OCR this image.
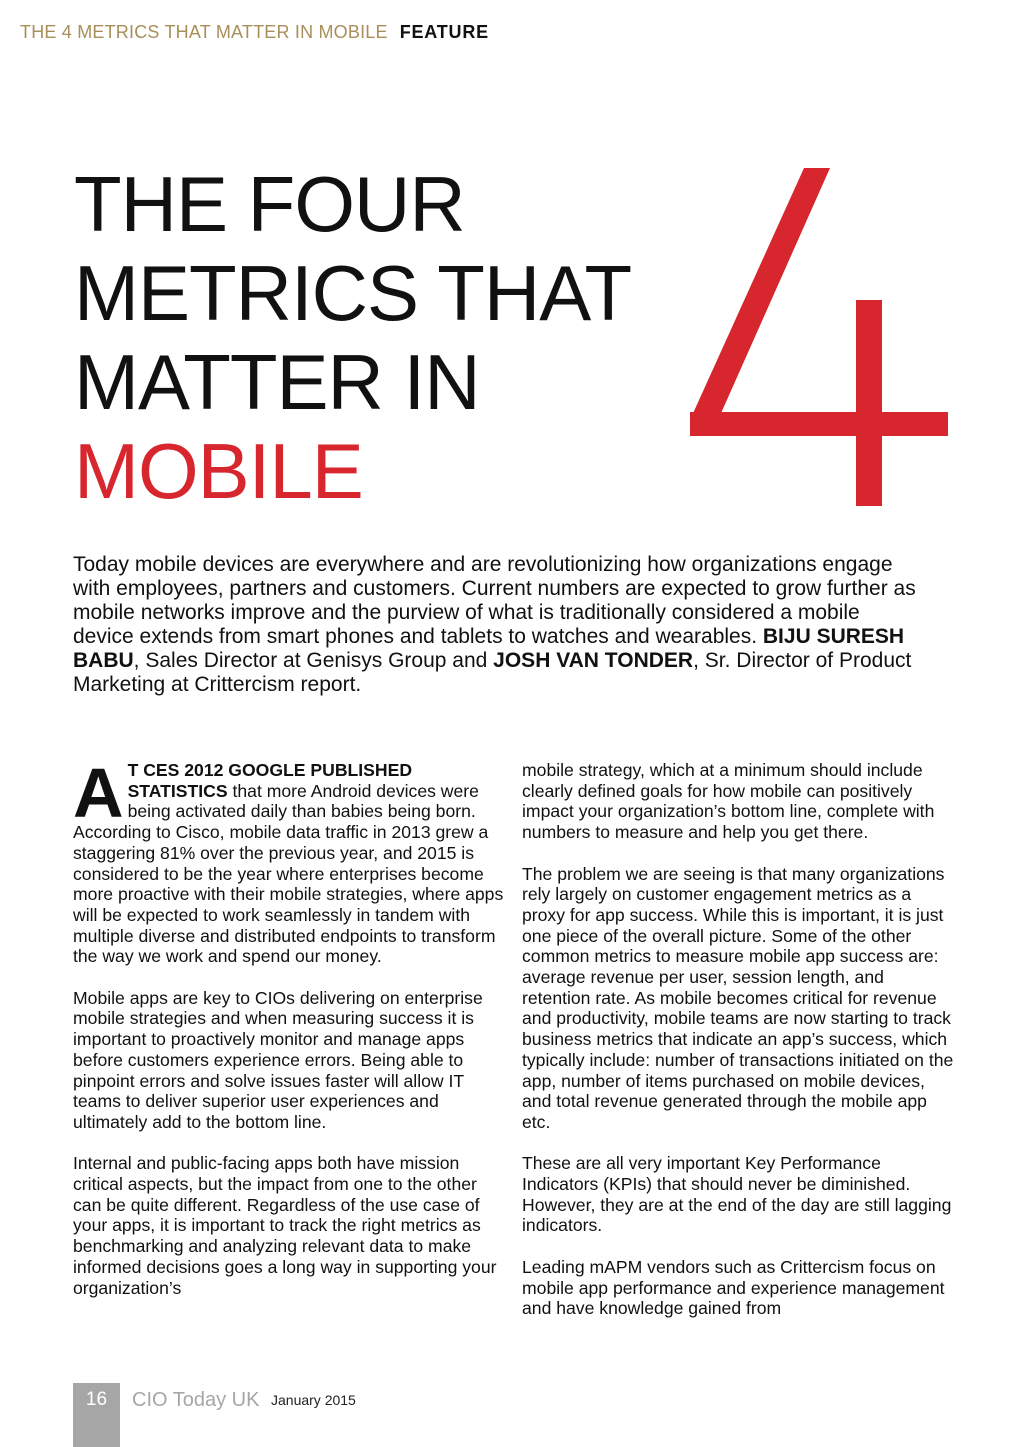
THE 4 METRICS THAT MATTER IN MOBILE FEATURE
THE FOUR
METRICS THAT
MATTER IN
MOBILE

Today mobile devices are everywhere and are revolutionizing how organizations engage with employees, partners and customers. Current numbers are expected to grow further as mobile networks improve and the purview of what is traditionally considered a mobile device extends from smart phones and tablets to watches and wearables. BIJU SURESH BABU, Sales Director at Genisys Group and JOSH VAN TONDER, Sr. Director of Product Marketing at Crittercism report.

A T CES 2012 GOOGLE PUBLISHED STATISTICS that more Android devices were being activated daily than babies being born. According to Cisco, mobile data traffic in 2013 grew a staggering 81% over the previous year, and 2015 is considered to be the year where enterprises become more proactive with their mobile strategies, where apps will be expected to work seamlessly in tandem with multiple diverse and distributed endpoints to transform the way we work and spend our money.

Mobile apps are key to CIOs delivering on enterprise mobile strategies and when measuring success it is important to proactively monitor and manage apps before customers experience errors. Being able to pinpoint errors and solve issues faster will allow IT teams to deliver superior user experiences and ultimately add to the bottom line.

Internal and public-facing apps both have mission critical aspects, but the impact from one to the other can be quite different. Regardless of the use case of your apps, it is important to track the right metrics as benchmarking and analyzing relevant data to make informed decisions goes a long way in supporting your organization’s

mobile strategy, which at a minimum should include clearly defined goals for how mobile can positively impact your organization’s bottom line, complete with numbers to measure and help you get there.

The problem we are seeing is that many organizations rely largely on customer engagement metrics as a proxy for app success. While this is important, it is just one piece of the overall picture. Some of the other common metrics to measure mobile app success are: average revenue per user, session length, and retention rate. As mobile becomes critical for revenue and productivity, mobile teams are now starting to track business metrics that indicate an app’s success, which typically include: number of transactions initiated on the app, number of items purchased on mobile devices, and total revenue generated through the mobile app etc.

These are all very important Key Performance Indicators (KPIs) that should never be diminished. However, they are at the end of the day are still lagging indicators.

Leading mAPM vendors such as Crittercism focus on mobile app performance and experience management and have knowledge gained from

16	CIO Today UK January 2015
